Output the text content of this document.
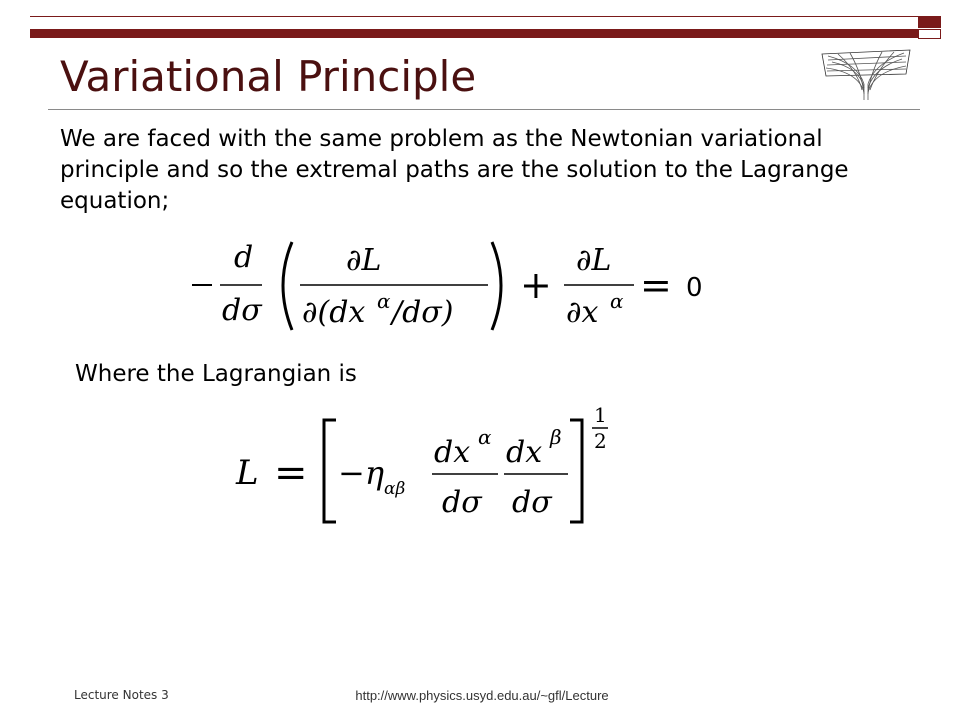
Variational Principle

We are faced with the same problem as the Newtonian variational principle and so the extremal paths are the solution to the Lagrange equation;

d
dσ
∂L
∂(dx α /dσ)
+
∂L
∂x α = 0

Where the Lagrangian is

L = −η αβ
dx α
dσ
dx β
dσ
1
2
Lecture Notes 3	http://www.physics.usyd.edu.au/~gfl/Lecture
